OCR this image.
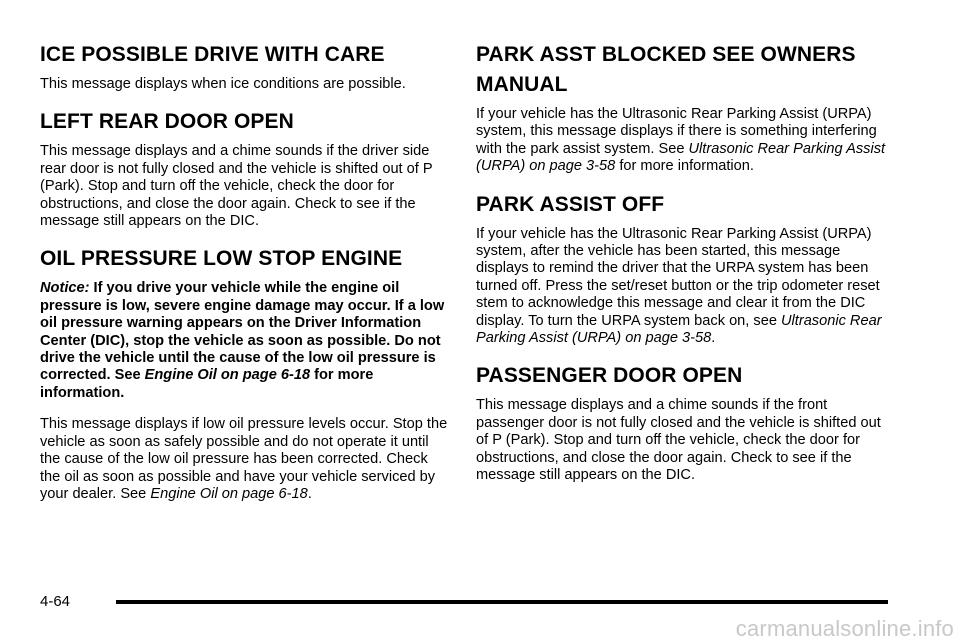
ICE POSSIBLE DRIVE WITH CARE

This message displays when ice conditions are possible.

LEFT REAR DOOR OPEN

This message displays and a chime sounds if the driver side rear door is not fully closed and the vehicle is shifted out of P (Park). Stop and turn off the vehicle, check the door for obstructions, and close the door again. Check to see if the message still appears on the DIC.

OIL PRESSURE LOW STOP ENGINE

Notice: If you drive your vehicle while the engine oil pressure is low, severe engine damage may occur. If a low oil pressure warning appears on the Driver Information Center (DIC), stop the vehicle as soon as possible. Do not drive the vehicle until the cause of the low oil pressure is corrected. See Engine Oil on page 6-18 for more information.

This message displays if low oil pressure levels occur. Stop the vehicle as soon as safely possible and do not operate it until the cause of the low oil pressure has been corrected. Check the oil as soon as possible and have your vehicle serviced by your dealer. See Engine Oil on page 6-18.

PARK ASST BLOCKED SEE OWNERS MANUAL

If your vehicle has the Ultrasonic Rear Parking Assist (URPA) system, this message displays if there is something interfering with the park assist system. See Ultrasonic Rear Parking Assist (URPA) on page 3-58 for more information.

PARK ASSIST OFF

If your vehicle has the Ultrasonic Rear Parking Assist (URPA) system, after the vehicle has been started, this message displays to remind the driver that the URPA system has been turned off. Press the set/reset button or the trip odometer reset stem to acknowledge this message and clear it from the DIC display. To turn the URPA system back on, see Ultrasonic Rear Parking Assist (URPA) on page 3-58.

PASSENGER DOOR OPEN

This message displays and a chime sounds if the front passenger door is not fully closed and the vehicle is shifted out of P (Park). Stop and turn off the vehicle, check the door for obstructions, and close the door again. Check to see if the message still appears on the DIC.

4-64
carmanualsonline.info
